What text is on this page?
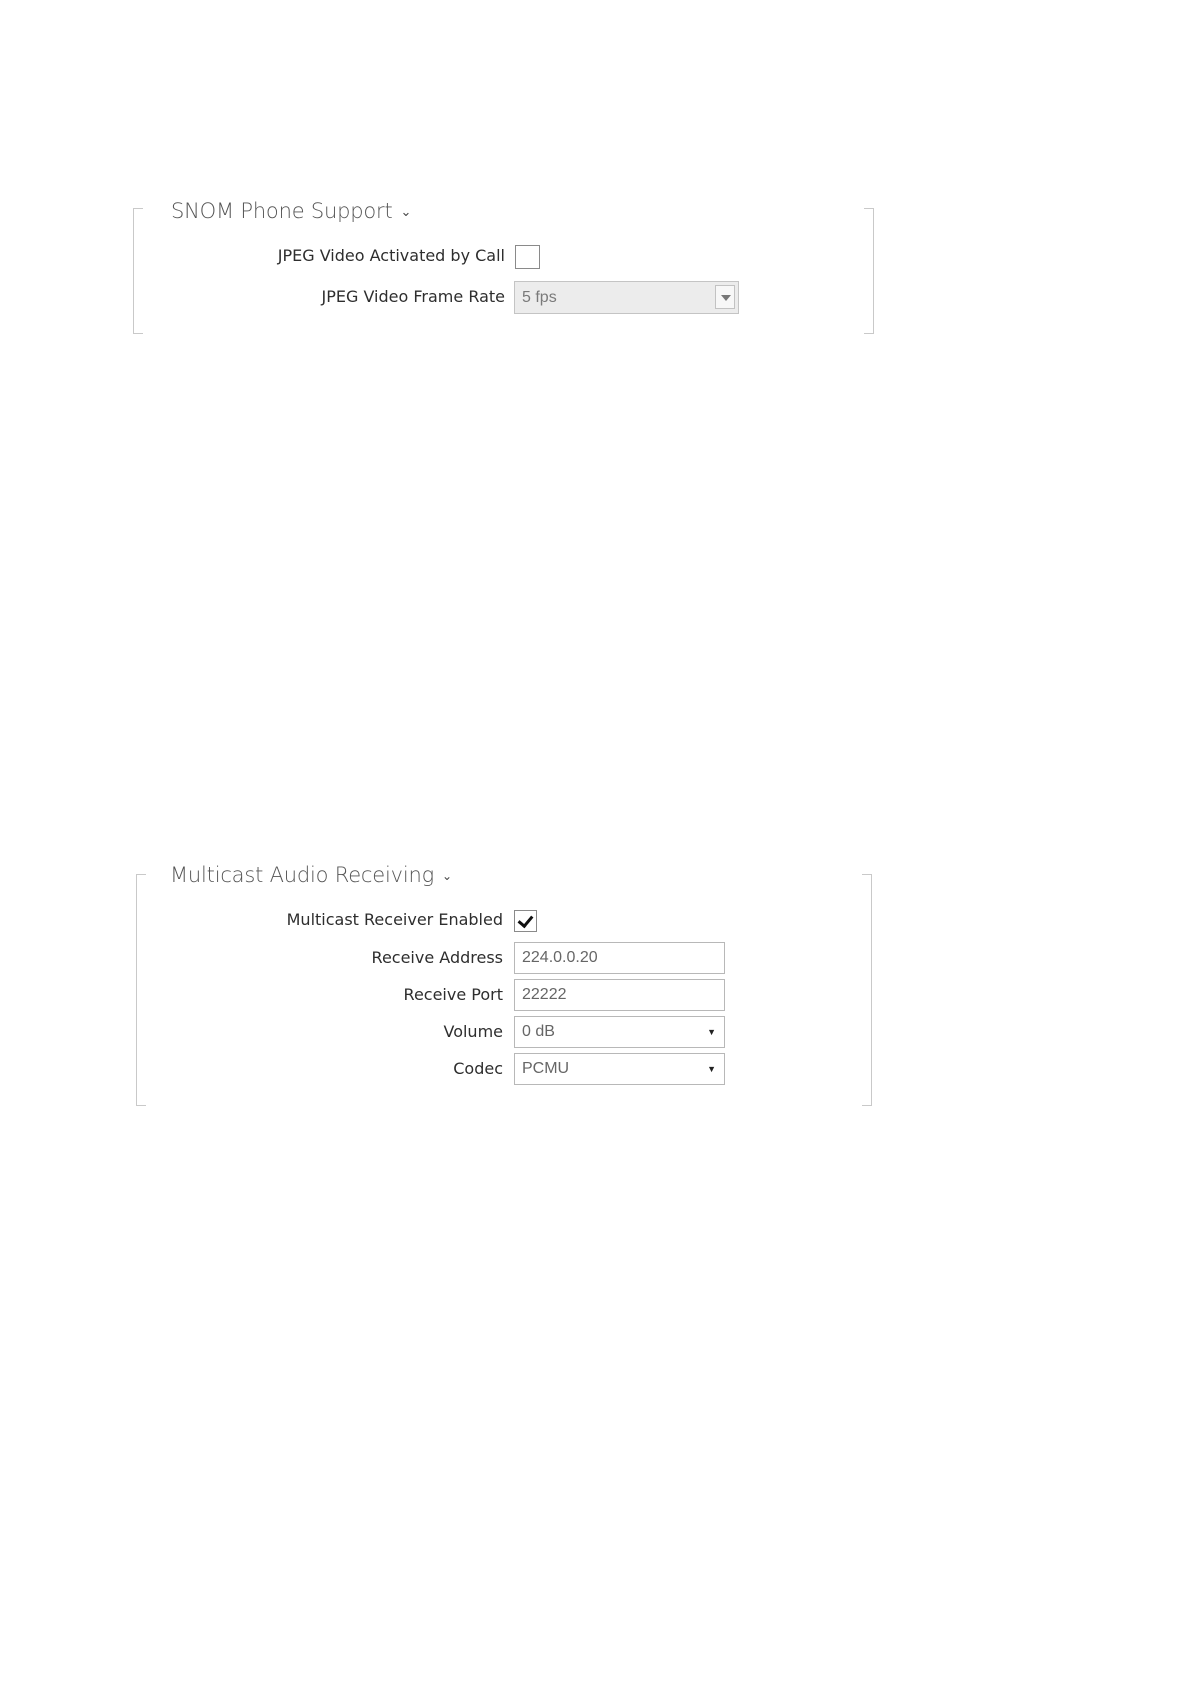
SNOM Phone Support ⌄
JPEG Video Activated by Call
JPEG Video Frame Rate	5 fps
Multicast Audio Receiving ⌄
Multicast Receiver Enabled
Receive Address	224.0.0.20
Receive Port	22222
Volume	0 dB	▼
Codec	PCMU	▼
